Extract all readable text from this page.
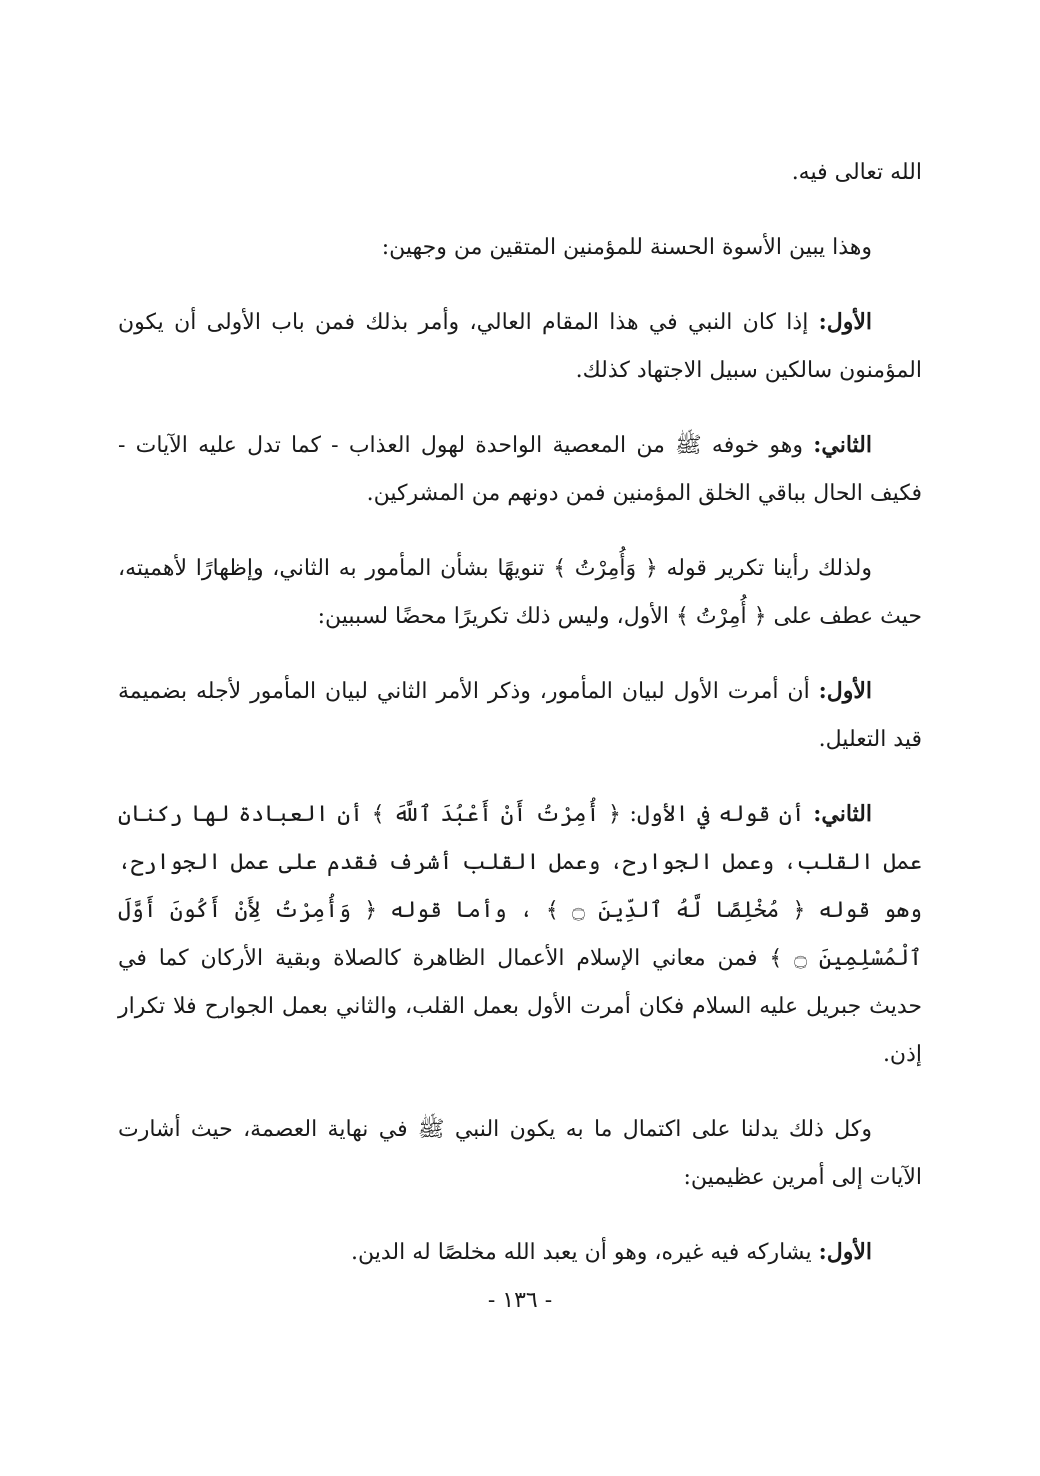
الله تعالى فيه.

وهذا يبين الأسوة الحسنة للمؤمنين المتقين من وجهين:

الأول: إذا كان النبي في هذا المقام العالي، وأمر بذلك فمن باب الأولى أن يكون المؤمنون سالكين سبيل الاجتهاد كذلك.

الثاني: وهو خوفه ﷺ من المعصية الواحدة لهول العذاب - كما تدل عليه الآيات - فكيف الحال بباقي الخلق المؤمنين فمن دونهم من المشركين.

ولذلك رأينا تكرير قوله ﴿ وَأُمِرْتُ ﴾ تنويهًا بشأن المأمور به الثاني، وإظهارًا لأهميته، حيث عطف على ﴿ أُمِرْتُ ﴾ الأول، وليس ذلك تكريرًا محضًا لسببين:

الأول: أن أمرت الأول لبيان المأمور، وذكر الأمر الثاني لبيان المأمور لأجله بضميمة قيد التعليل.

الثاني: أن قوله في الأول: ﴿ أُمِرْتُ أَنْ أَعْبُدَ ٱللَّهَ ﴾ أن العبادة لها ركنان عمل القلب، وعمل الجوارح، وعمل القلب أشرف فقدم على عمل الجوارح، وهو قوله ﴿ مُخْلِصًا لَّهُ ٱلدِّينَ ۝ ﴾ ، وأما قوله ﴿ وَأُمِرْتُ لِأَنْ أَكُونَ أَوَّلَ ٱلْمُسْلِمِينَ ۝ ﴾ فمن معاني الإسلام الأعمال الظاهرة كالصلاة وبقية الأركان كما في حديث جبريل عليه السلام فكان أمرت الأول بعمل القلب، والثاني بعمل الجوارح فلا تكرار إذن.

وكل ذلك يدلنا على اكتمال ما به يكون النبي ﷺ في نهاية العصمة، حيث أشارت الآيات إلى أمرين عظيمين:

الأول: يشاركه فيه غيره، وهو أن يعبد الله مخلصًا له الدين.

- ١٣٦ -
